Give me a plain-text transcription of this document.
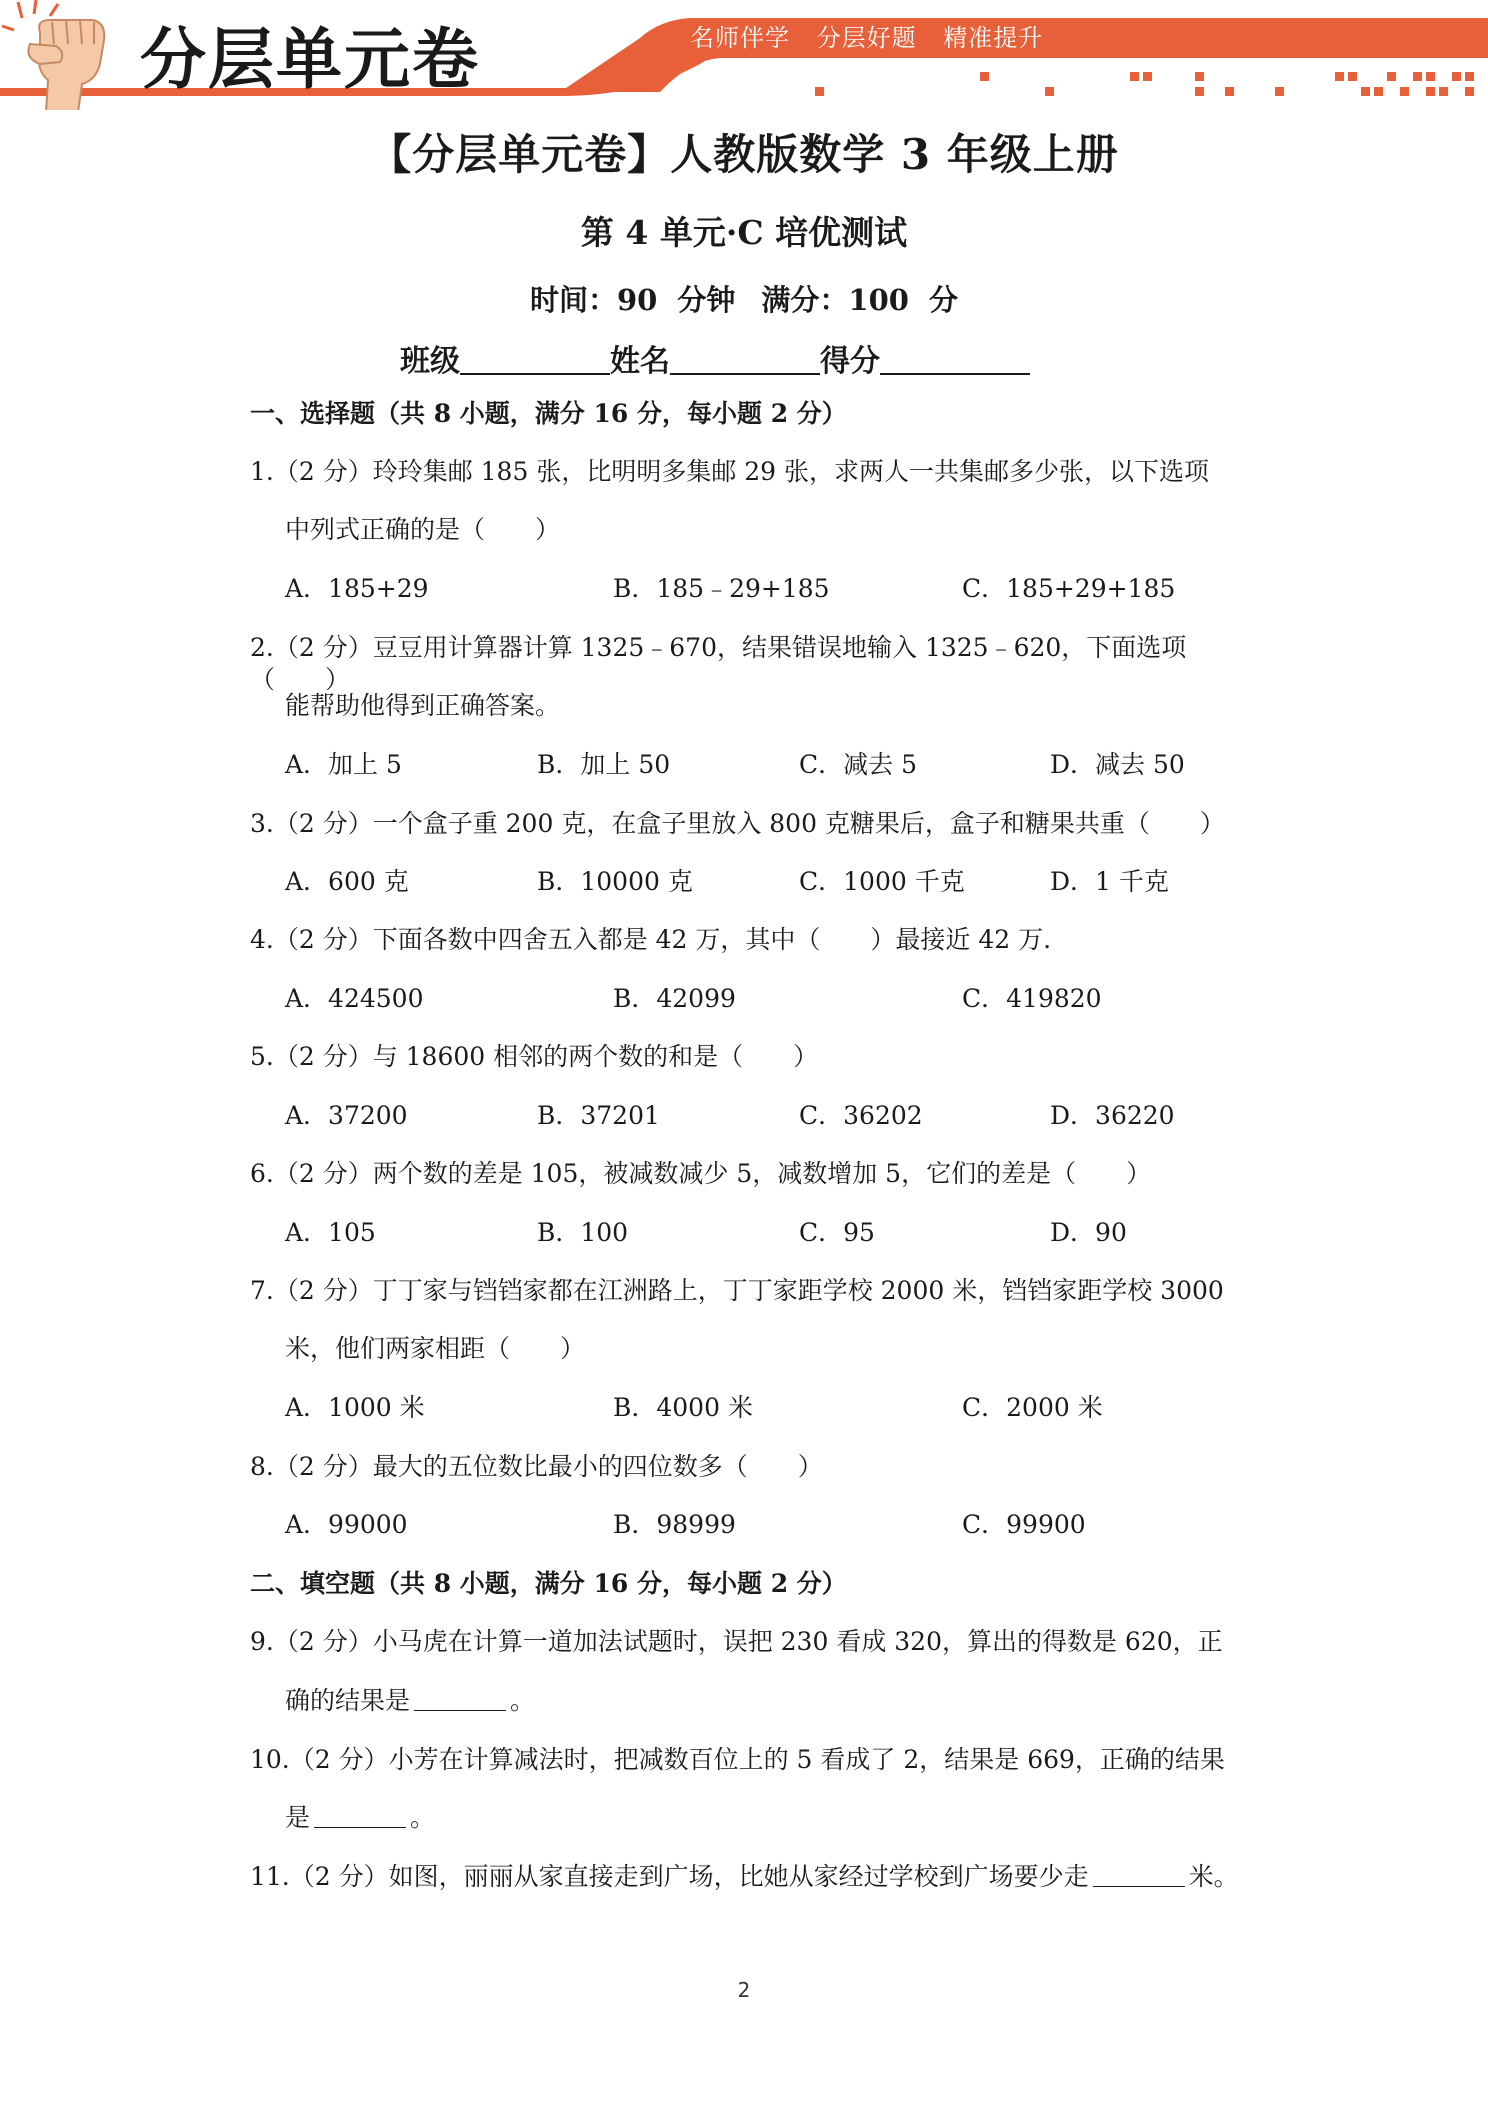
分层单元卷	名师伴学 分层好题 精准提升
【分层单元卷】人教版数学 3 年级上册
第 4 单元·C 培优测试
时间：90 分钟 满分：100 分
班级	姓名	得分
一、选择题（共 8 小题，满分 16 分，每小题 2 分）
1.（2 分）玲玲集邮 185 张，比明明多集邮 29 张，求两人一共集邮多少张，以下选项
中列式正确的是（　　）
A．185+29	B．185﹣29+185	C．185+29+185
2.（2 分）豆豆用计算器计算 1325﹣670，结果错误地输入 1325﹣620，下面选项（　　）
能帮助他得到正确答案。
A．加上 5	B．加上 50	C．减去 5	D．减去 50
3.（2 分）一个盒子重 200 克，在盒子里放入 800 克糖果后，盒子和糖果共重（　　）
A．600 克	B．10000 克	C．1000 千克	D．1 千克
4.（2 分）下面各数中四舍五入都是 42 万，其中（　　）最接近 42 万.
A．424500	B．42099	C．419820
5.（2 分）与 18600 相邻的两个数的和是（　　）
A．37200	B．37201	C．36202	D．36220
6.（2 分）两个数的差是 105，被减数减少 5，减数增加 5，它们的差是（　　）
A．105	B．100	C．95	D．90
7.（2 分）丁丁家与铛铛家都在江洲路上，丁丁家距学校 2000 米，铛铛家距学校 3000
米，他们两家相距（　　）
A．1000 米	B．4000 米	C．2000 米
8.（2 分）最大的五位数比最小的四位数多（　　）
A．99000	B．98999	C．99900
二、填空题（共 8 小题，满分 16 分，每小题 2 分）
9.（2 分）小马虎在计算一道加法试题时，误把 230 看成 320，算出的得数是 620，正
确的结果是	。
10.（2 分）小芳在计算减法时，把减数百位上的 5 看成了 2，结果是 669，正确的结果
是	。
11.（2 分）如图，丽丽从家直接走到广场，比她从家经过学校到广场要少走	米。
2
